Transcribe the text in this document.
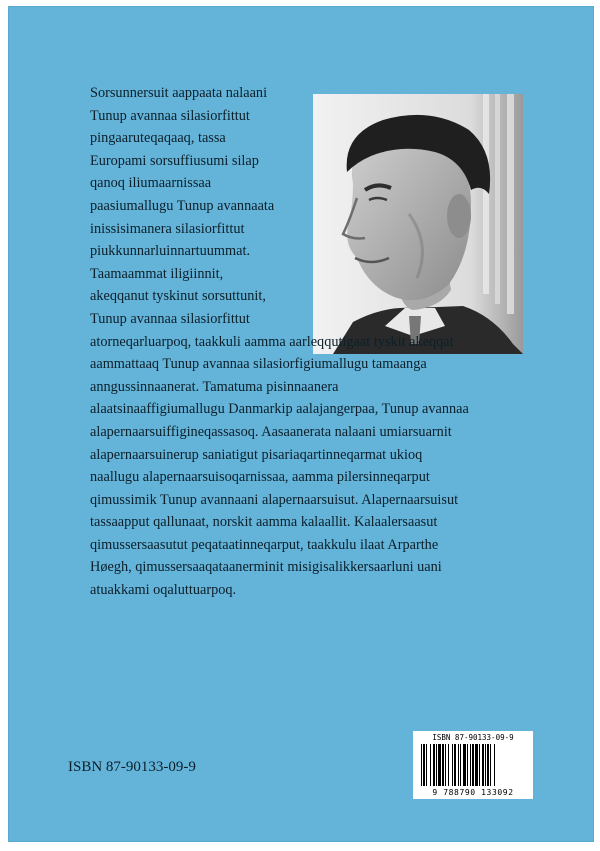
Sorsunnersuit aappaata nalaani
Tunup avannaa silasiorfittut
pingaaruteqaqaaq, tassa
Europami sorsuffiusumi silap
qanoq iliumaarnissaa
paasiumallugu Tunup avannaata
inissisimanera silasiorfittut
piukkunnarluinnartuummat.
Taamaammat iligiinnit,
akeqqanut tyskinut sorsuttunit,
Tunup avannaa silasiorfittut
atorneqarluarpoq, taakkuli aamma aarleqqutigaat tyskit akeqqat
aammattaaq Tunup avannaa silasiorfigiumallugu tamaanga
anngussinnaanerat. Tamatuma pisinnaanera
alaatsinaaffigiumallugu Danmarkip aalajangerpaa, Tunup avannaa
alapernaarsuiffigineqassasoq. Aasaanerata nalaani umiarsuarnit
alapernaarsuinerup saniatigut pisariaqartinneqarmat ukioq
naallugu alapernaarsuisoqarnissaa, aamma pilersinneqarput
qimussimik Tunup avannaani alapernaarsuisut. Alapernaarsuisut
tassaapput qallunaat, norskit aamma kalaallit. Kalaalersaasut
qimussersaasutut peqataatinneqarput, taakkulu ilaat Arparthe
Høegh, qimussersaaqataanerminit misigisalikkersaarluni uani
atuakkami oqaluttuarpoq.
ISBN 87-90133-09-9
ISBN 87-90133-09-9
9 788790 133092
